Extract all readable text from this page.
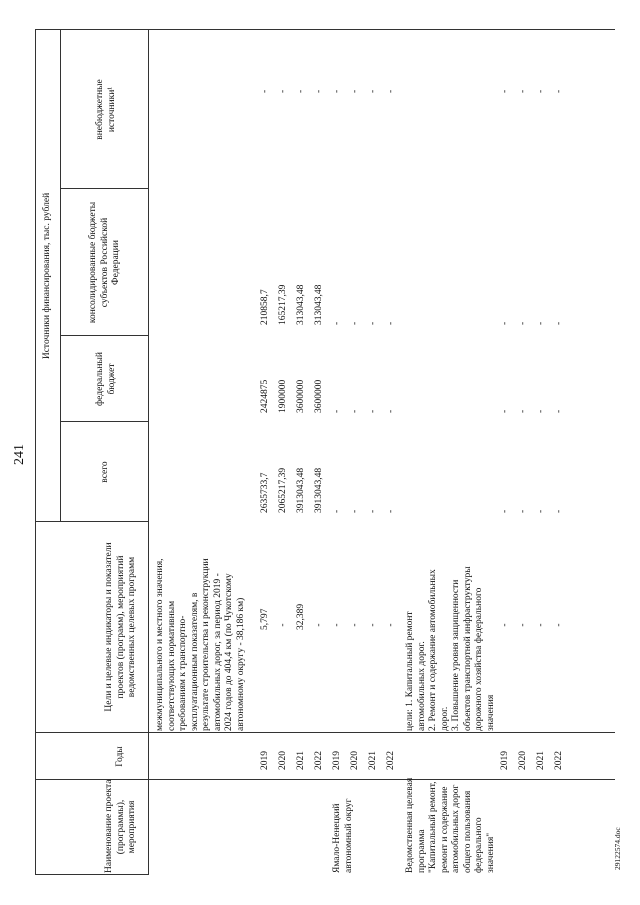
241
29122574.doc
Наименование проекта (программы), мероприятия
Годы
Цели и целевые индикаторы и показатели проектов (программ), мероприятий ведомственных целевых программ
Источники финансирования, тыс. рублей
всего
федеральный бюджет
консолидированные бюджеты субъектов Российской Федерации
внебюджетные источники¹
межмуниципального и местного значения, соответствующих нормативным требованиям к транспортно- эксплуатационным показателям, в результате строительства и реконструкции автомобильных дорог, за период 2019 - 2024 годов до 404,4 км (по Чукотскому автономному округу - 38,186 км)
2019
5,797
2635733,7
2424875
210858,7
-
2020
-
2065217,39
1900000
165217,39
-
2021
32,389
3913043,48
3600000
313043,48
-
2022
-
3913043,48
3600000
313043,48
-
Ямало-Ненецкий автономный округ
2019
-
-
-
-
-
2020
-
-
-
-
-
2021
-
-
-
-
-
2022
-
-
-
-
-
Ведомственная целевая программа "Капитальный ремонт, ремонт и содержание автомобильных дорог общего пользования федерального значения"
цели: 1. Капитальный ремонт автомобильных дорог. 2. Ремонт и содержание автомобильных дорог. 3. Повышение уровня защищенности объектов транспортной инфраструктуры дорожного хозяйства федерального значения
2019
-
-
-
-
-
2020
-
-
-
-
-
2021
-
-
-
-
-
2022
-
-
-
-
-
